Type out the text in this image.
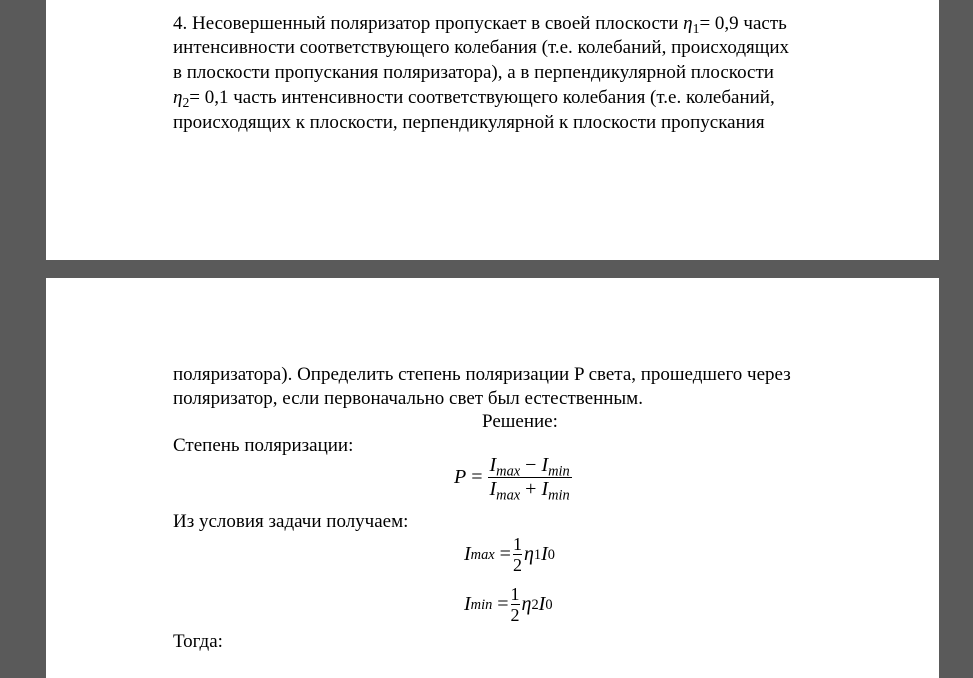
4. Несовершенный поляризатор пропускает в своей плоскости $\eta_1= 0,9$ часть
интенсивности соответствующего колебания (т.е. колебаний, происходящих
в плоскости пропускания поляризатора), а в перпендикулярной плоскости
$\eta_2= 0,1$ часть интенсивности соответствующего колебания (т.е. колебаний,
происходящих к плоскости, перпендикулярной к плоскости пропускания
поляризатора). Определить степень поляризации P света, прошедшего через
поляризатор, если первоначально свет был естественным.
Решение:
Степень поляризации:
$P = \frac{I_{max} - I_{min}}{I_{max} + I_{min}}$
Из условия задачи получаем:
I $\max = \frac{1}{2}$ η 1 I 0
I $\min = \frac{1}{2}$ η 2 I 0
Тогда:
